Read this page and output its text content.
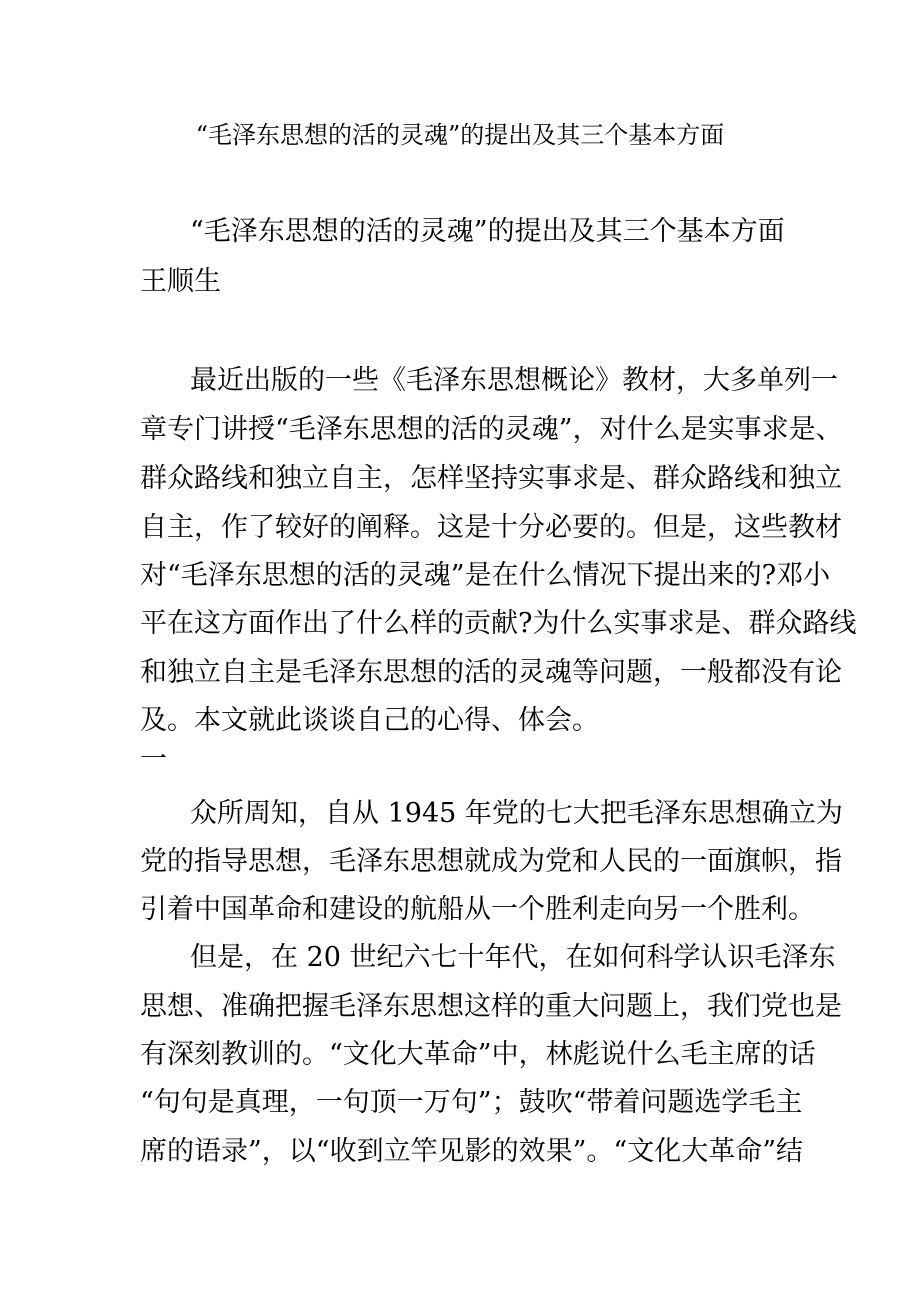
“毛泽东思想的活的灵魂”的提出及其三个基本方面
“毛泽东思想的活的灵魂”的提出及其三个基本方面
王顺生
最近出版的一些《毛泽东思想概论》教材，大多单列一
章专门讲授“毛泽东思想的活的灵魂”，对什么是实事求是、
群众路线和独立自主，怎样坚持实事求是、群众路线和独立
自主，作了较好的阐释。这是十分必要的。但是，这些教材
对“毛泽东思想的活的灵魂”是在什么情况下提出来的?邓小
平在这方面作出了什么样的贡献?为什么实事求是、群众路线
和独立自主是毛泽东思想的活的灵魂等问题，一般都没有论
及。本文就此谈谈自己的心得、体会。
一
众所周知，自从 1945 年党的七大把毛泽东思想确立为
党的指导思想，毛泽东思想就成为党和人民的一面旗帜，指
引着中国革命和建设的航船从一个胜利走向另一个胜利。
但是，在 20 世纪六七十年代，在如何科学认识毛泽东
思想、准确把握毛泽东思想这样的重大问题上，我们党也是
有深刻教训的。“文化大革命”中，林彪说什么毛主席的话
“句句是真理，一句顶一万句”；鼓吹“带着问题选学毛主
席的语录”，以“收到立竿见影的效果”。“文化大革命”结
